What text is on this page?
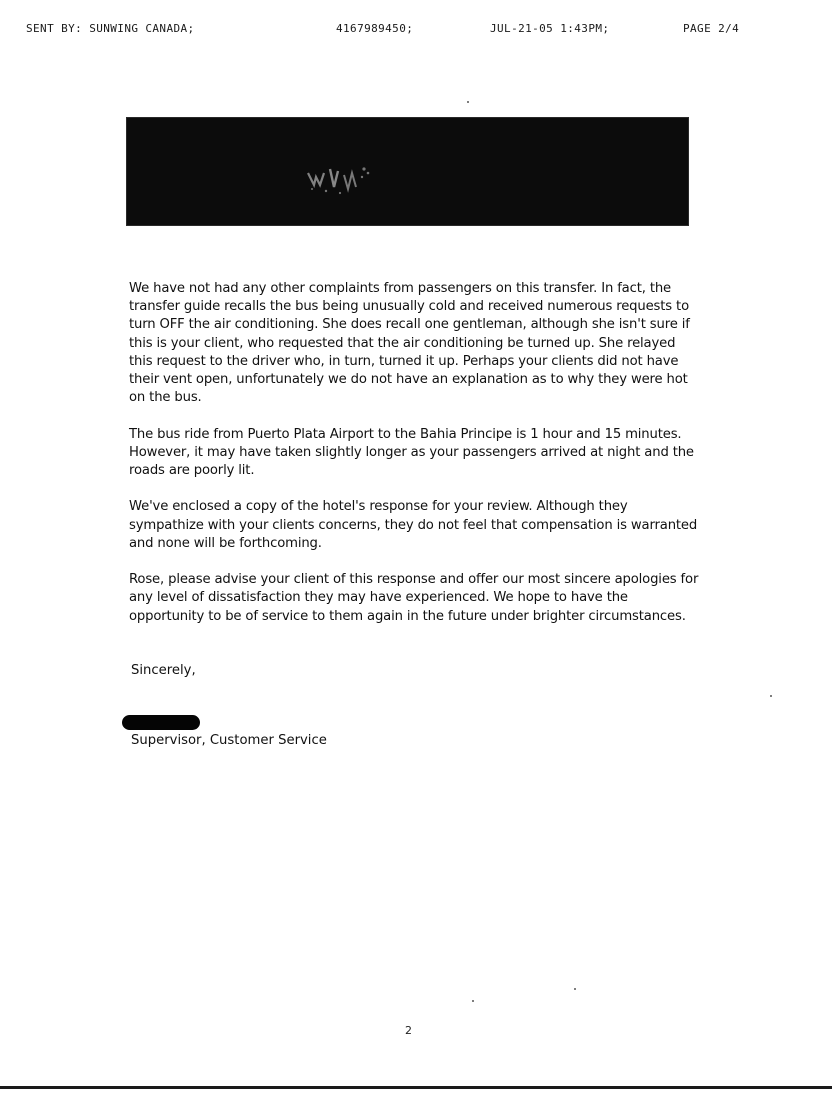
SENT BY: SUNWING CANADA;	4167989450;	JUL-21-05 1:43PM;	PAGE 2/4

We have not had any other complaints from passengers on this transfer. In fact, the transfer guide recalls the bus being unusually cold and received numerous requests to turn OFF the air conditioning. She does recall one gentleman, although she isn't sure if this is your client, who requested that the air conditioning be turned up. She relayed this request to the driver who, in turn, turned it up. Perhaps your clients did not have their vent open, unfortunately we do not have an explanation as to why they were hot on the bus.

The bus ride from Puerto Plata Airport to the Bahia Principe is 1 hour and 15 minutes. However, it may have taken slightly longer as your passengers arrived at night and the roads are poorly lit.

We've enclosed a copy of the hotel's response for your review. Although they sympathize with your clients concerns, they do not feel that compensation is warranted and none will be forthcoming.

Rose, please advise your client of this response and offer our most sincere apologies for any level of dissatisfaction they may have experienced. We hope to have the opportunity to be of service to them again in the future under brighter circumstances.

Sincerely,
Supervisor, Customer Service
2
